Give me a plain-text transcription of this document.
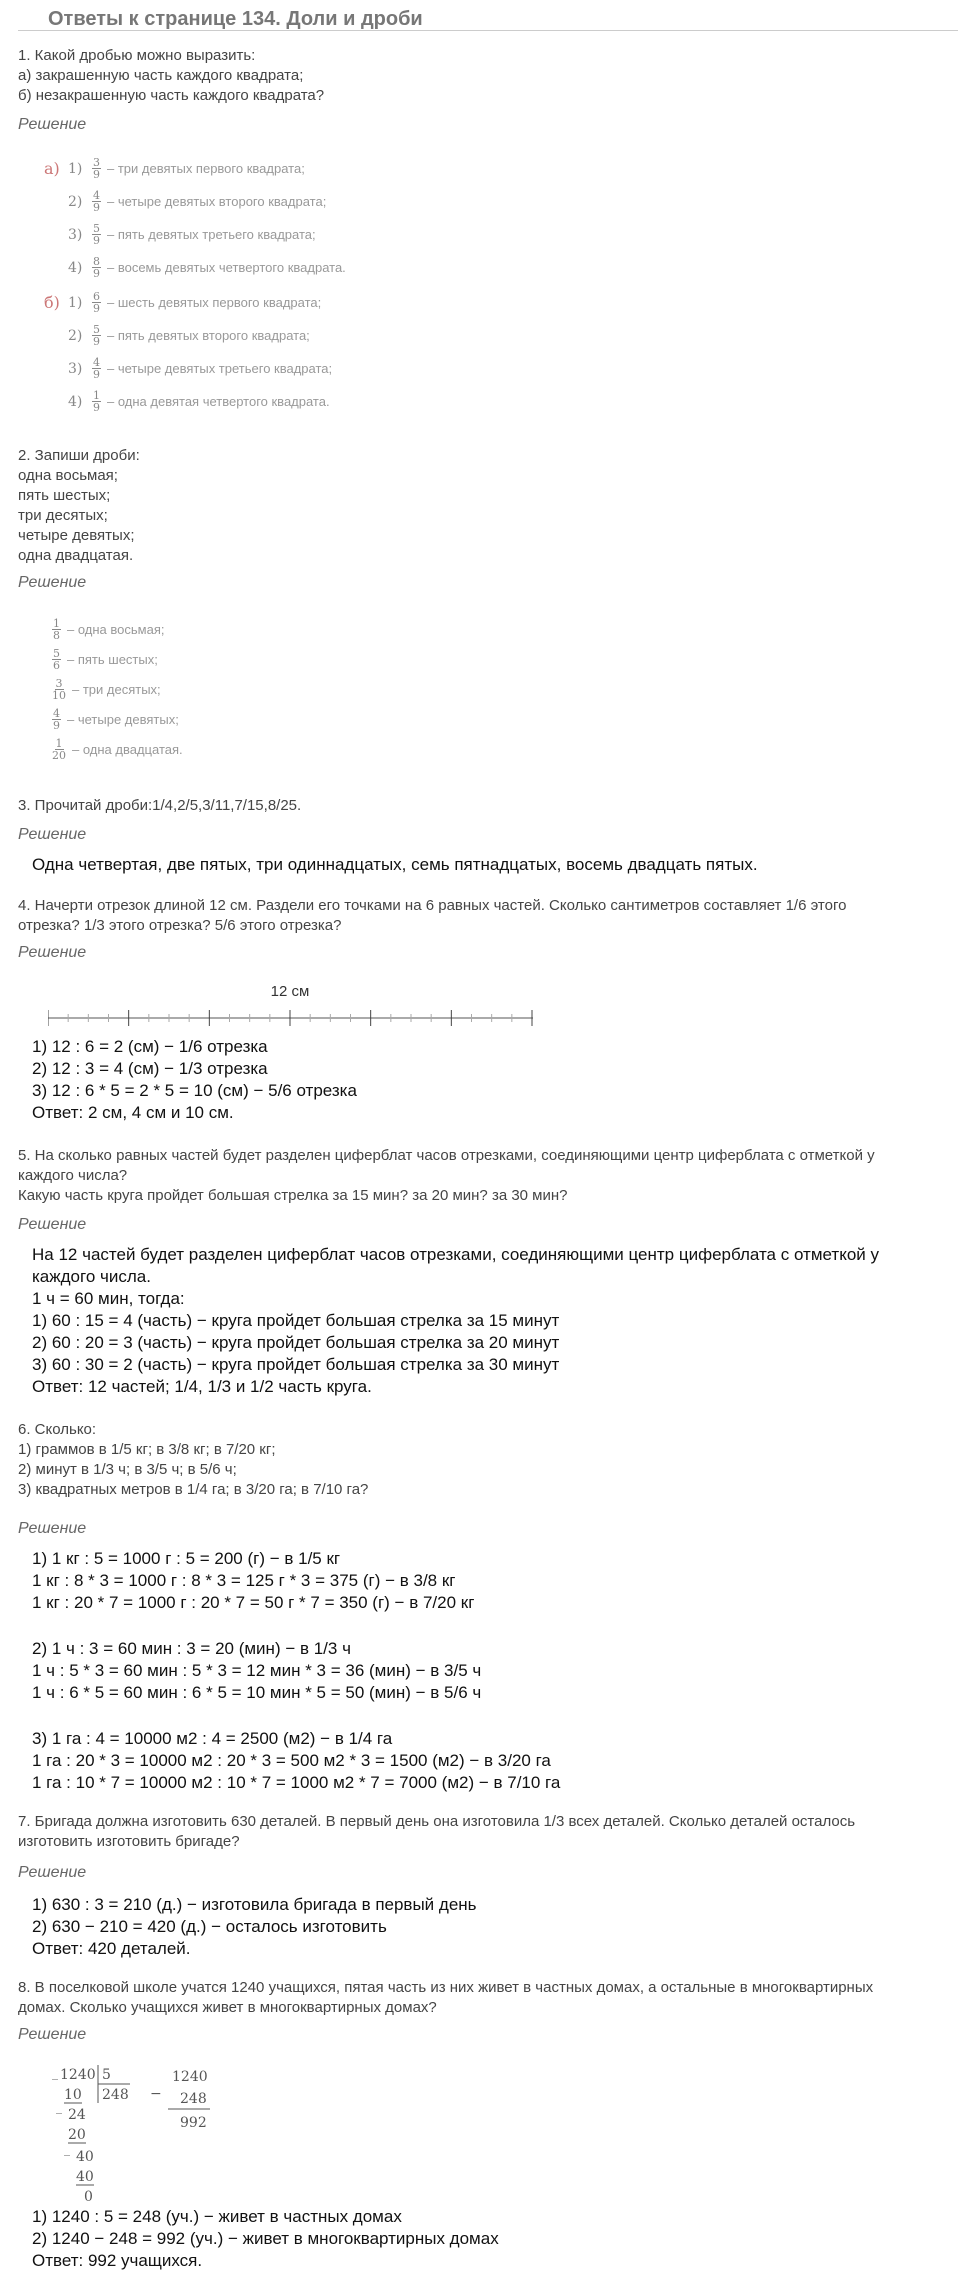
Ответы к странице 134. Доли и дроби
1. Какой дробью можно выразить:
а) закрашенную часть каждого квадрата;
б) незакрашенную часть каждого квадрата?
Решение
а) $1) \frac{3}{9}$ – три девятых первого квадрата;
$2) \frac{4}{9}$ – четыре девятых второго квадрата;
$3) \frac{5}{9}$ – пять девятых третьего квадрата;
$4) \frac{8}{9}$ – восемь девятых четвертого квадрата.
б) $1) \frac{6}{9}$ – шесть девятых первого квадрата;
$2) \frac{5}{9}$ – пять девятых второго квадрата;
$3) \frac{4}{9}$ – четыре девятых третьего квадрата;
$4) \frac{1}{9}$ – одна девятая четвертого квадрата.
2. Запиши дроби:
одна восьмая;
пять шестых;
три десятых;
четыре девятых;
одна двадцатая.
Решение
$\frac{1}{8}$ – одна восьмая;
$\frac{5}{6}$ – пять шестых;
$\frac{3}{10}$ – три десятых;
$\frac{4}{9}$ – четыре девятых;
$\frac{1}{20}$ – одна двадцатая.
3. Прочитай дроби:1/4,2/5,3/11,7/15,8/25.
Решение
Одна четвертая, две пятых, три одиннадцатых, семь пятнадцатых, восемь двадцать пятых.
4. Начерти отрезок длиной 12 см. Раздели его точками на 6 равных частей. Сколько сантиметров составляет 1/6 этого
отрезка? 1/3 этого отрезка? 5/6 этого отрезка?
Решение
12 см
1) 12 : 6 = 2 (см) − 1/6 отрезка
2) 12 : 3 = 4 (см) − 1/3 отрезка
3) 12 : 6 * 5 = 2 * 5 = 10 (см) − 5/6 отрезка
Ответ: 2 см, 4 см и 10 см.
5. На сколько равных частей будет разделен циферблат часов отрезками, соединяющими центр циферблата с отметкой у
каждого числа?
Какую часть круга пройдет большая стрелка за 15 мин? за 20 мин? за 30 мин?
Решение
На 12 частей будет разделен циферблат часов отрезками, соединяющими центр циферблата с отметкой у
каждого числа.
1 ч = 60 мин, тогда:
1) 60 : 15 = 4 (часть) − круга пройдет большая стрелка за 15 минут
2) 60 : 20 = 3 (часть) − круга пройдет большая стрелка за 20 минут
3) 60 : 30 = 2 (часть) − круга пройдет большая стрелка за 30 минут
Ответ: 12 частей; 1/4, 1/3 и 1/2 часть круга.
6. Сколько:
1) граммов в 1/5 кг; в 3/8 кг; в 7/20 кг;
2) минут в 1/3 ч; в 3/5 ч; в 5/6 ч;
3) квадратных метров в 1/4 га; в 3/20 га; в 7/10 га?
Решение
1) 1 кг : 5 = 1000 г : 5 = 200 (г) − в 1/5 кг
1 кг : 8 * 3 = 1000 г : 8 * 3 = 125 г * 3 = 375 (г) − в 3/8 кг
1 кг : 20 * 7 = 1000 г : 20 * 7 = 50 г * 7 = 350 (г) − в 7/20 кг
2) 1 ч : 3 = 60 мин : 3 = 20 (мин) − в 1/3 ч
1 ч : 5 * 3 = 60 мин : 5 * 3 = 12 мин * 3 = 36 (мин) − в 3/5 ч
1 ч : 6 * 5 = 60 мин : 6 * 5 = 10 мин * 5 = 50 (мин) − в 5/6 ч
3) 1 га : 4 = 10000 м2 : 4 = 2500 (м2) − в 1/4 га
1 га : 20 * 3 = 10000 м2 : 20 * 3 = 500 м2 * 3 = 1500 (м2) − в 3/20 га
1 га : 10 * 7 = 10000 м2 : 10 * 7 = 1000 м2 * 7 = 7000 (м2) − в 7/10 га
7. Бригада должна изготовить 630 деталей. В первый день она изготовила 1/3 всех деталей. Сколько деталей осталось
изготовить изготовить бригаде?
Решение
1) 630 : 3 = 210 (д.) − изготовила бригада в первый день
2) 630 − 210 = 420 (д.) − осталось изготовить
Ответ: 420 деталей.
8. В поселковой школе учатся 1240 учащихся, пятая часть из них живет в частных домах, а остальные в многоквартирных
домах. Сколько учащихся живет в многоквартирных домах?
Решение
1240 5
248
_
10
_ 24
20
_ 40
40
0
−
1240
248
992
1) 1240 : 5 = 248 (уч.) − живет в частных домах
2) 1240 − 248 = 992 (уч.) − живет в многоквартирных домах
Ответ: 992 учащихся.
